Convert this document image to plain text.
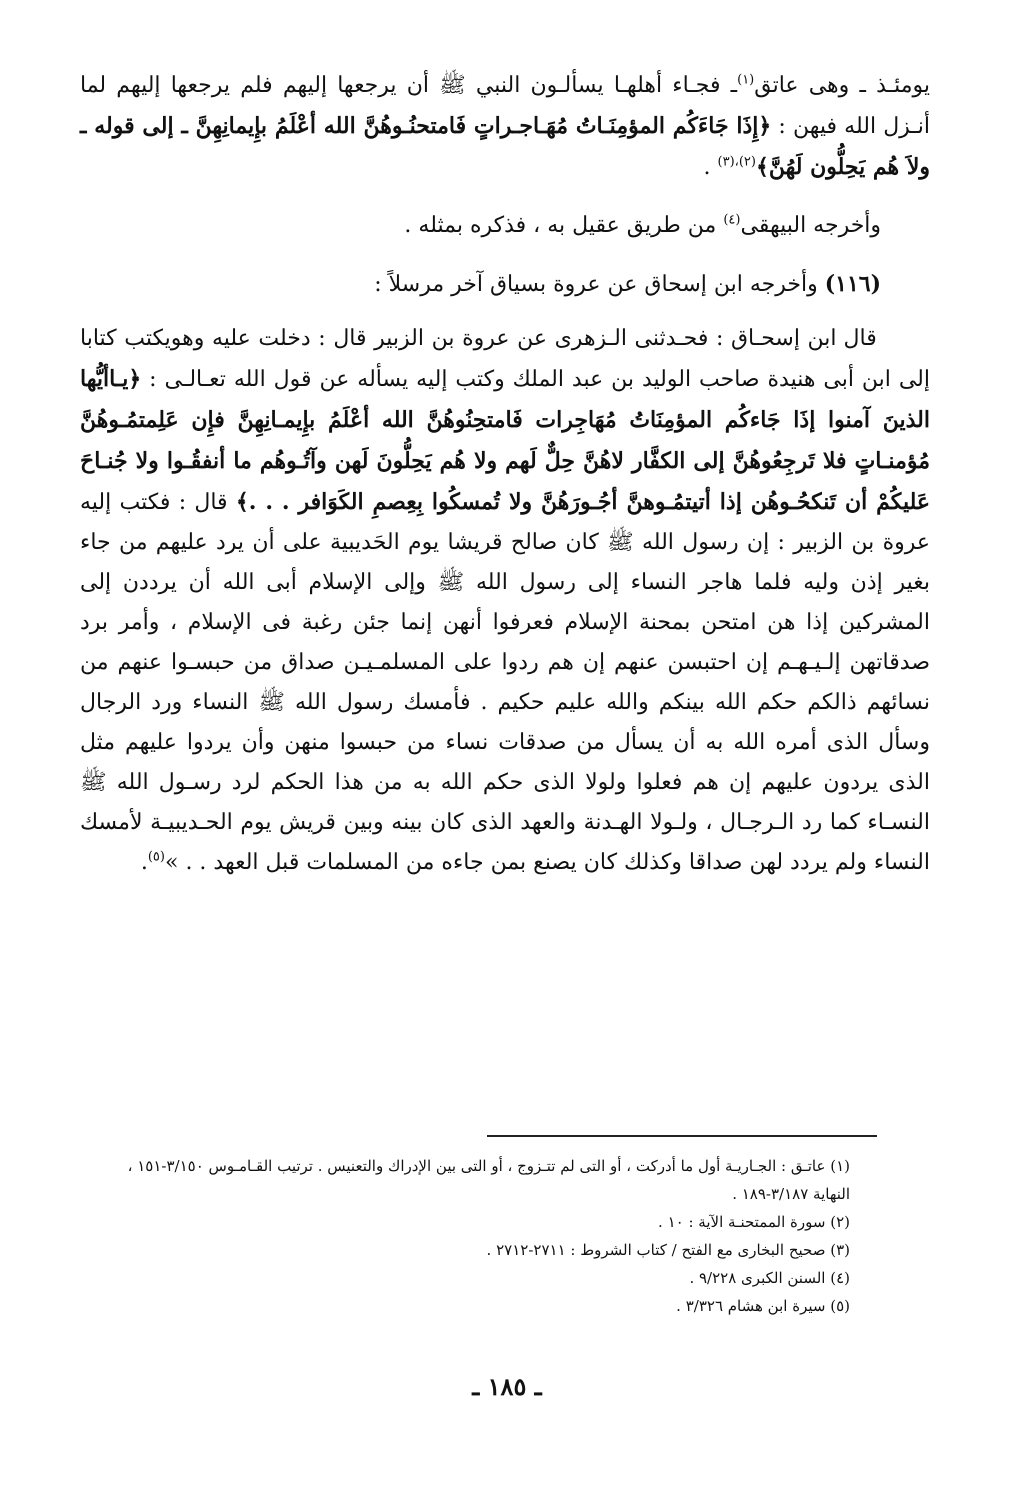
يومئـذ ـ وهى عاتق$^{(١)}$ـ فجـاء أهلهـا يسألـون النبي ﷺ أن يرجعها إليهم فلم يرجعها إليهم لما أنـزل الله فيهن : ﴿إِذَا جَاءَكُم المؤمِنَـاتُ مُهَـاجـراتٍ فَامتحنُـوهُنَّ الله أعْلَمُ بإِيمانِهِنَّ ـ إلى قوله ـ ولاَ هُم يَحِلُّون لَهُنَّ﴾$^{(٢)،(٣)}$ .

وأخرجه البيهقى$^{(٤)}$ من طريق عقيل به ، فذكره بمثله .

(١١٦) وأخرجه ابن إسحاق عن عروة بسياق آخر مرسلاً :

قال ابن إسحـاق : فحـدثنى الـزهرى عن عروة بن الزبير قال : دخلت عليه وهويكتب كتابا إلى ابن أبى هنيدة صاحب الوليد بن عبد الملك وكتب إليه يسأله عن قول الله تعـالـى : ﴿يـاأيُّها الذينَ آمنوا إذَا جَاءكُم المؤمِنَاتُ مُهَاجِرات فَامتحِنُوهُنَّ الله أعْلَمُ بإِيمـانِهِنَّ فإِن عَلِمتمُـوهُنَّ مُؤمنـاتٍ فلا تَرجِعُوهُنَّ إلى الكفَّار لاهُنَّ حِلٌّ لَهم ولا هُم يَحِلُّونَ لَهن وآتُـوهُم ما أنفقُـوا ولا جُنـاحَ عَليكُمْ أن تَنكحُـوهُن إذا أتيتمُـوهنَّ أجُـورَهُنَّ ولا تُمسكُوا بِعِصمِ الكَوَافر . . .﴾ قال : فكتب إليه عروة بن الزبير : إن رسول الله ﷺ كان صالح قريشا يوم الحَديبية على أن يرد عليهم من جاء بغير إذن وليه فلما هاجر النساء إلى رسول الله ﷺ وإلى الإسلام أبى الله أن يرددن إلى المشركين إذا هن امتحن بمحنة الإسلام فعرفوا أنهن إنما جئن رغبة فى الإسلام ، وأمر برد صدقاتهن إلـيـهـم إن احتبسن عنهم إن هم ردوا على المسلمـيـن صداق من حبسـوا عنهم من نسائهم ذالكم حكم الله بينكم والله عليم حكيم . فأمسك رسول الله ﷺ النساء ورد الرجال وسأل الذى أمره الله به أن يسأل من صدقات نساء من حبسوا منهن وأن يردوا عليهم مثل الذى يردون عليهم إن هم فعلوا ولولا الذى حكم الله به من هذا الحكم لرد رسـول الله ﷺ النسـاء كما رد الـرجـال ، ولـولا الهـدنة والعهد الذى كان بينه وبين قريش يوم الحـديبيـة لأمسك النساء ولم يردد لهن صداقا وكذلك كان يصنع بمن جاءه من المسلمات قبل العهد . . »$^{(٥)}$.

(١) عاتـق : الجـاريـة أول ما أدركت ، أو التى لم تتـزوج ، أو التى بين الإدراك والتعنيس . ترتيب القـامـوس ٣/١٥٠-١٥١ ، النهاية ٣/١٨٧-١٨٩ .

(٢) سورة الممتحنـة الآية : ١٠ .

(٣) صحيح البخارى مع الفتح / كتاب الشروط : ٢٧١١-٢٧١٢ .

(٤) السنن الكبرى ٩/٢٢٨ .

(٥) سيرة ابن هشام ٣/٣٢٦ .

ـ ١٨٥ ـ
